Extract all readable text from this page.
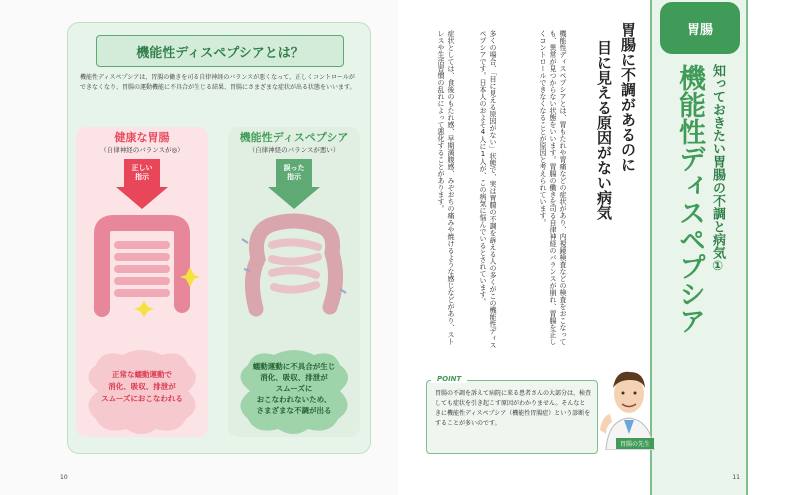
機能性ディスペプシアとは？
機能性ディスペプシアは、胃腸の働きを司る自律神経のバランスが悪くなって、正しくコントロールができなくなり、胃腸の運動機能に不具合が生じる結果、胃腸にさまざまな症状が出る状態をいいます。
健康な胃腸
（自律神経のバランスが◎）
正しい
指示
正常な蠕動運動で
消化、吸収、排泄が
スムーズにおこなわれる
機能性ディスペプシア
（自律神経のバランスが悪い）
誤った
指示
蠕動運動に不具合が生じ
消化、吸収、排泄が
スムーズに
おこなわれないため、
さまざまな不調が出る
10
症状としては、食後のもたれ感、早期満腹感、みぞおちの痛みや焼けるような感じなどがあり、ストレスや生活習慣の乱れによって悪化することがあります。	多くの場合、「目に見える原因がない」状態で、実は胃腸の不調を訴える人の多くがこの機能性ディスペプシアです。日本人のおよそ4人に1人が、この病気に悩んでいるとされています。	機能性ディスペプシアとは、胃もたれや胃痛などの症状があり、内視鏡検査などの検査をおこなっても、異常が見つからない状態をいいます。胃腸の働きを司る自律神経のバランスが崩れ、胃腸を正しくコントロールできなくなることが原因と考えられています。	目に見える原因がない病気 胃腸に不調があるのに	胃腸
機能性ディスペプシア 知っておきたい胃腸の不調と病気①
POINT
胃腸の不調を訴えて病院に来る患者さんの大部分は、検査しても症状を引き起こす原因がわかりません。そんなときに機能性ディスペプシア（機能性胃腸症）という診断をすることが多いのです。
胃腸の先生
11
